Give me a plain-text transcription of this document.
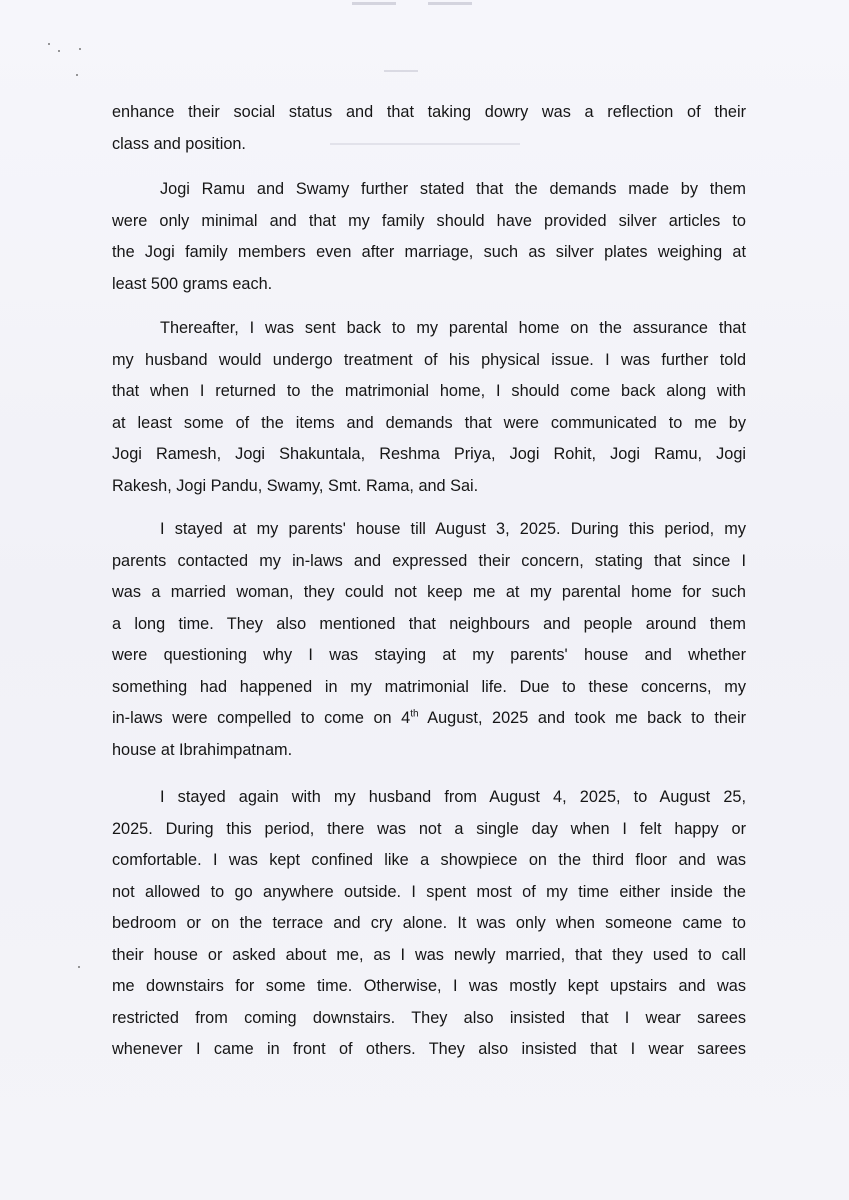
enhance their social status and that taking dowry was a reflection of their
class and position.
Jogi Ramu and Swamy further stated that the demands made by them
were only minimal and that my family should have provided silver articles to
the Jogi family members even after marriage, such as silver plates weighing at
least 500 grams each.
Thereafter, I was sent back to my parental home on the assurance that
my husband would undergo treatment of his physical issue. I was further told
that when I returned to the matrimonial home, I should come back along with
at least some of the items and demands that were communicated to me by
Jogi Ramesh, Jogi Shakuntala, Reshma Priya, Jogi Rohit, Jogi Ramu, Jogi
Rakesh, Jogi Pandu, Swamy, Smt. Rama, and Sai.
I stayed at my parents' house till August 3, 2025. During this period, my
parents contacted my in-laws and expressed their concern, stating that since I
was a married woman, they could not keep me at my parental home for such
a long time. They also mentioned that neighbours and people around them
were questioning why I was staying at my parents' house and whether
something had happened in my matrimonial life. Due to these concerns, my
in-laws were compelled to come on 4th August, 2025 and took me back to their
house at Ibrahimpatnam.
I stayed again with my husband from August 4, 2025, to August 25,
2025. During this period, there was not a single day when I felt happy or
comfortable. I was kept confined like a showpiece on the third floor and was
not allowed to go anywhere outside. I spent most of my time either inside the
bedroom or on the terrace and cry alone. It was only when someone came to
their house or asked about me, as I was newly married, that they used to call
me downstairs for some time. Otherwise, I was mostly kept upstairs and was
restricted from coming downstairs. They also insisted that I wear sarees
whenever I came in front of others. They also insisted that I wear sarees
